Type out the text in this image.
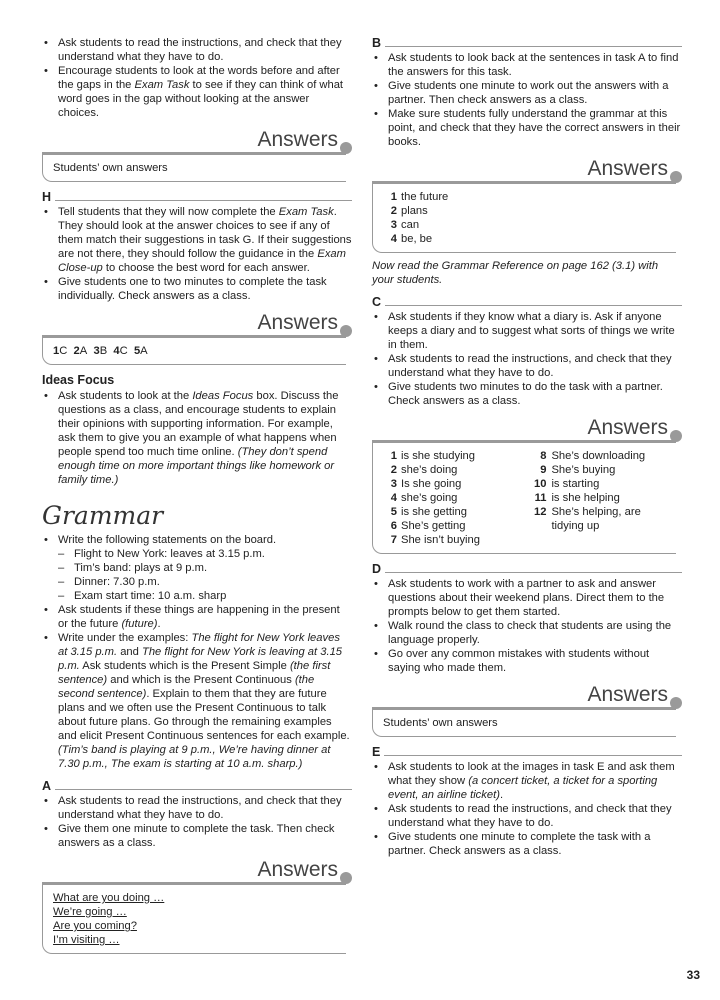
• Ask students to read the instructions, and check that they understand what they have to do.
• Encourage students to look at the words before and after the gaps in the Exam Task to see if they can think of what word goes in the gap without looking at the answer choices.
Answers
Students’ own answers
H
• Tell students that they will now complete the Exam Task. They should look at the answer choices to see if any of them match their suggestions in task G. If their suggestions are not there, they should follow the guidance in the Exam Close-up to choose the best word for each answer.
• Give students one to two minutes to complete the task individually. Check answers as a class.
Answers
1C 2A 3B 4C 5A
Ideas Focus
• Ask students to look at the Ideas Focus box. Discuss the questions as a class, and encourage students to explain their opinions with supporting information. For example, ask them to give you an example of what happens when people spend too much time online. (They don’t spend enough time on more important things like homework or family time.)
Grammar
• Write the following statements on the board.
– Flight to New York: leaves at 3.15 p.m.
– Tim’s band: plays at 9 p.m.
– Dinner: 7.30 p.m.
– Exam start time: 10 a.m. sharp
• Ask students if these things are happening in the present or the future (future).
• Write under the examples: The flight for New York leaves at 3.15 p.m. and The flight for New York is leaving at 3.15 p.m. Ask students which is the Present Simple (the first sentence) and which is the Present Continuous (the second sentence). Explain to them that they are future plans and we often use the Present Continuous to talk about future plans. Go through the remaining examples and elicit Present Continuous sentences for each example. (Tim’s band is playing at 9 p.m., We’re having dinner at 7.30 p.m., The exam is starting at 10 a.m. sharp.)
A
• Ask students to read the instructions, and check that they understand what they have to do.
• Give them one minute to complete the task. Then check answers as a class.
Answers
What are you doing …
We’re going …
Are you coming?
I’m visiting …
B
• Ask students to look back at the sentences in task A to find the answers for this task.
• Give students one minute to work out the answers with a partner. Then check answers as a class.
• Make sure students fully understand the grammar at this point, and check that they have the correct answers in their books.
Answers
1 the future
2 plans
3 can
4 be, be
Now read the Grammar Reference on page 162 (3.1) with your students.
C
• Ask students if they know what a diary is. Ask if anyone keeps a diary and to suggest what sorts of things we write in them.
• Ask students to read the instructions, and check that they understand what they have to do.
• Give students two minutes to do the task with a partner. Check answers as a class.
Answers
1 is she studying
2 she’s doing
3 Is she going
4 she’s going
5 is she getting
6 She’s getting
7 She isn’t buying
8 She’s downloading
9 She’s buying
10 is starting
11 is she helping
12 She’s helping, are tidying up
D
• Ask students to work with a partner to ask and answer questions about their weekend plans. Direct them to the prompts below to get them started.
• Walk round the class to check that students are using the language properly.
• Go over any common mistakes with students without saying who made them.
Answers
Students’ own answers
E
• Ask students to look at the images in task E and ask them what they show (a concert ticket, a ticket for a sporting event, an airline ticket).
• Ask students to read the instructions, and check that they understand what they have to do.
• Give students one minute to complete the task with a partner. Check answers as a class.
33
